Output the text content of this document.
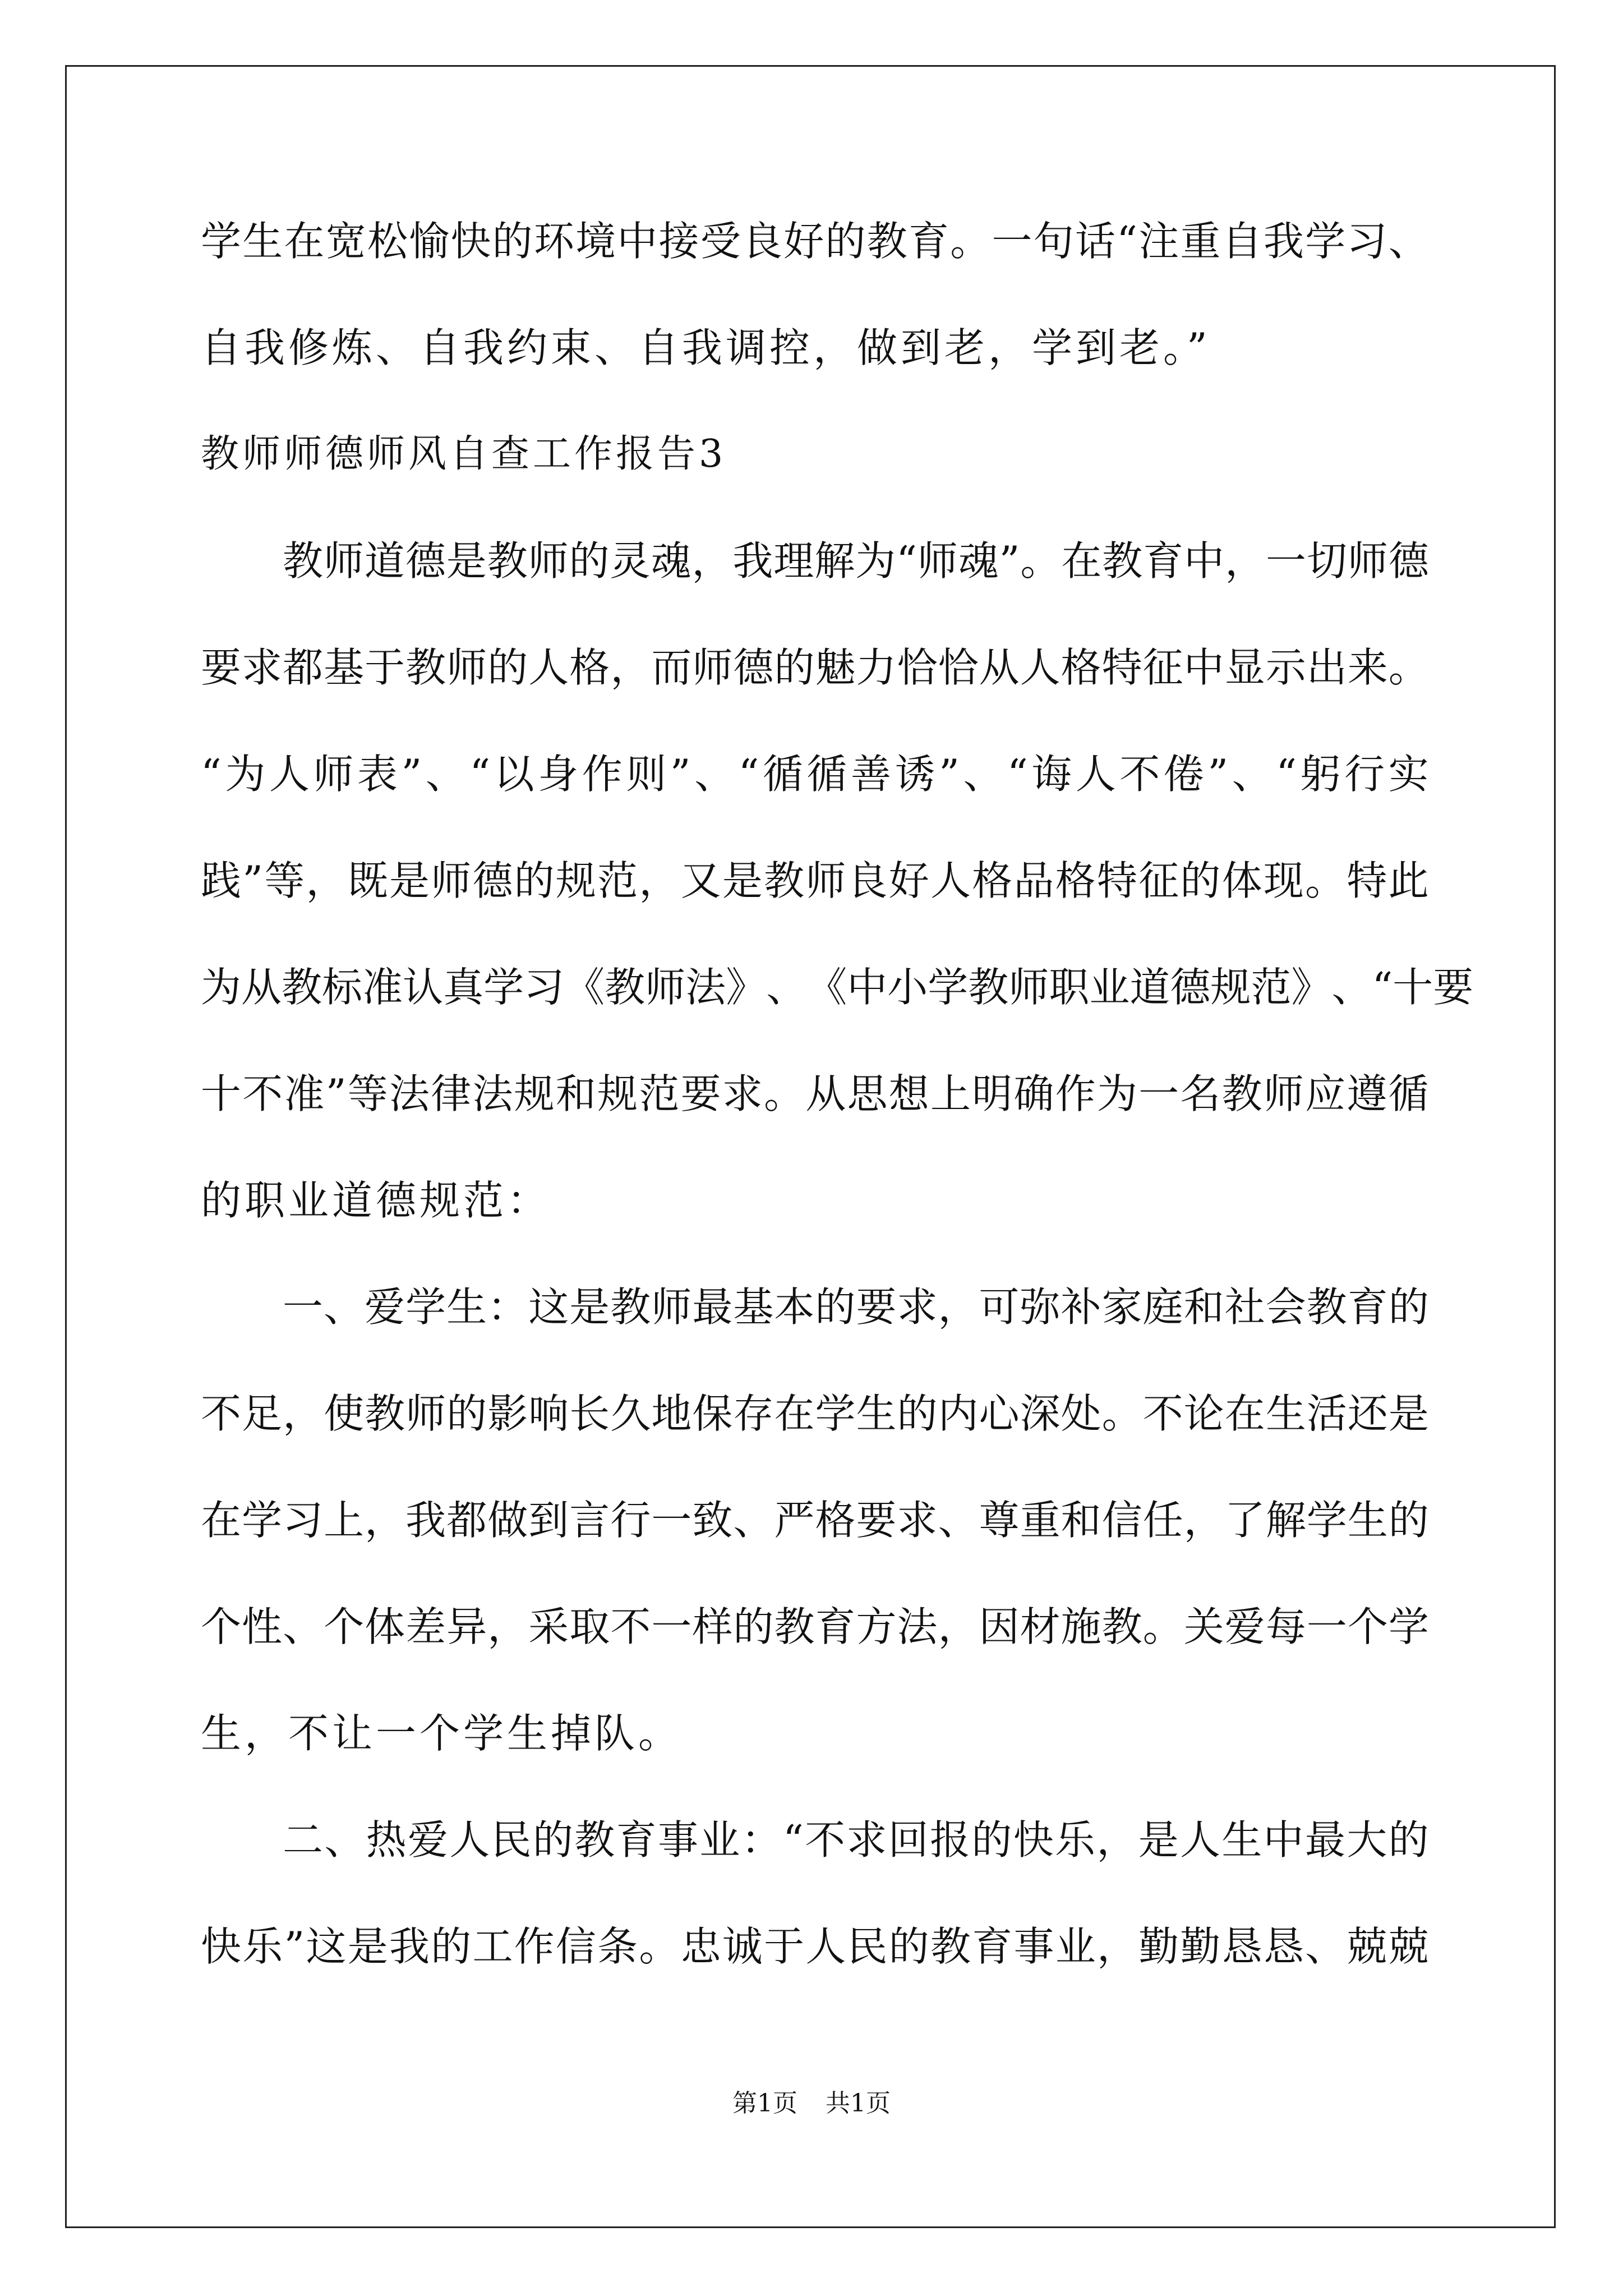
学 生 在 宽 松 愉 快 的 环 境 中 接 受 良 好 的 教 育 。 一 句 话 “ 注 重 自 我 学 习 、
自我修炼、自我约束、自我调控，做到老，学到老。”
教师师德师风自查工作报告3
教 师 道 德 是 教 师 的 灵 魂 ， 我 理 解 为 “ 师 魂 ” 。 在 教 育 中 ， 一 切 师 德
要 求 都 基 于 教 师 的 人 格 ， 而 师 德 的 魅 力 恰 恰 从 人 格 特 征 中 显 示 出 来 。
“ 为 人 师 表 ” 、 “ 以 身 作 则 ” 、 “ 循 循 善 诱 ” 、 “ 诲 人 不 倦 ” 、 “ 躬 行 实
践 ” 等 ， 既 是 师 德 的 规 范 ， 又 是 教 师 良 好 人 格 品 格 特 征 的 体 现 。 特 此
为 从 教 标 准 认 真 学 习 《 教 师 法 》 、 《 中 小 学 教 师 职 业 道 德 规 范 》 、 “ 十 要
十 不 准 ” 等 法 律 法 规 和 规 范 要 求 。 从 思 想 上 明 确 作 为 一 名 教 师 应 遵 循
的职业道德规范：
一 、 爱 学 生 ： 这 是 教 师 最 基 本 的 要 求 ， 可 弥 补 家 庭 和 社 会 教 育 的
不 足 ， 使 教 师 的 影 响 长 久 地 保 存 在 学 生 的 内 心 深 处 。 不 论 在 生 活 还 是
在 学 习 上 ， 我 都 做 到 言 行 一 致 、 严 格 要 求 、 尊 重 和 信 任 ， 了 解 学 生 的
个 性 、 个 体 差 异 ， 采 取 不 一 样 的 教 育 方 法 ， 因 材 施 教 。 关 爱 每 一 个 学
生，不让一个学生掉队。
二 、 热 爱 人 民 的 教 育 事 业 ： “ 不 求 回 报 的 快 乐 ， 是 人 生 中 最 大 的
快 乐 ” 这 是 我 的 工 作 信 条 。 忠 诚 于 人 民 的 教 育 事 业 ， 勤 勤 恳 恳 、 兢 兢
第1页 共1页
